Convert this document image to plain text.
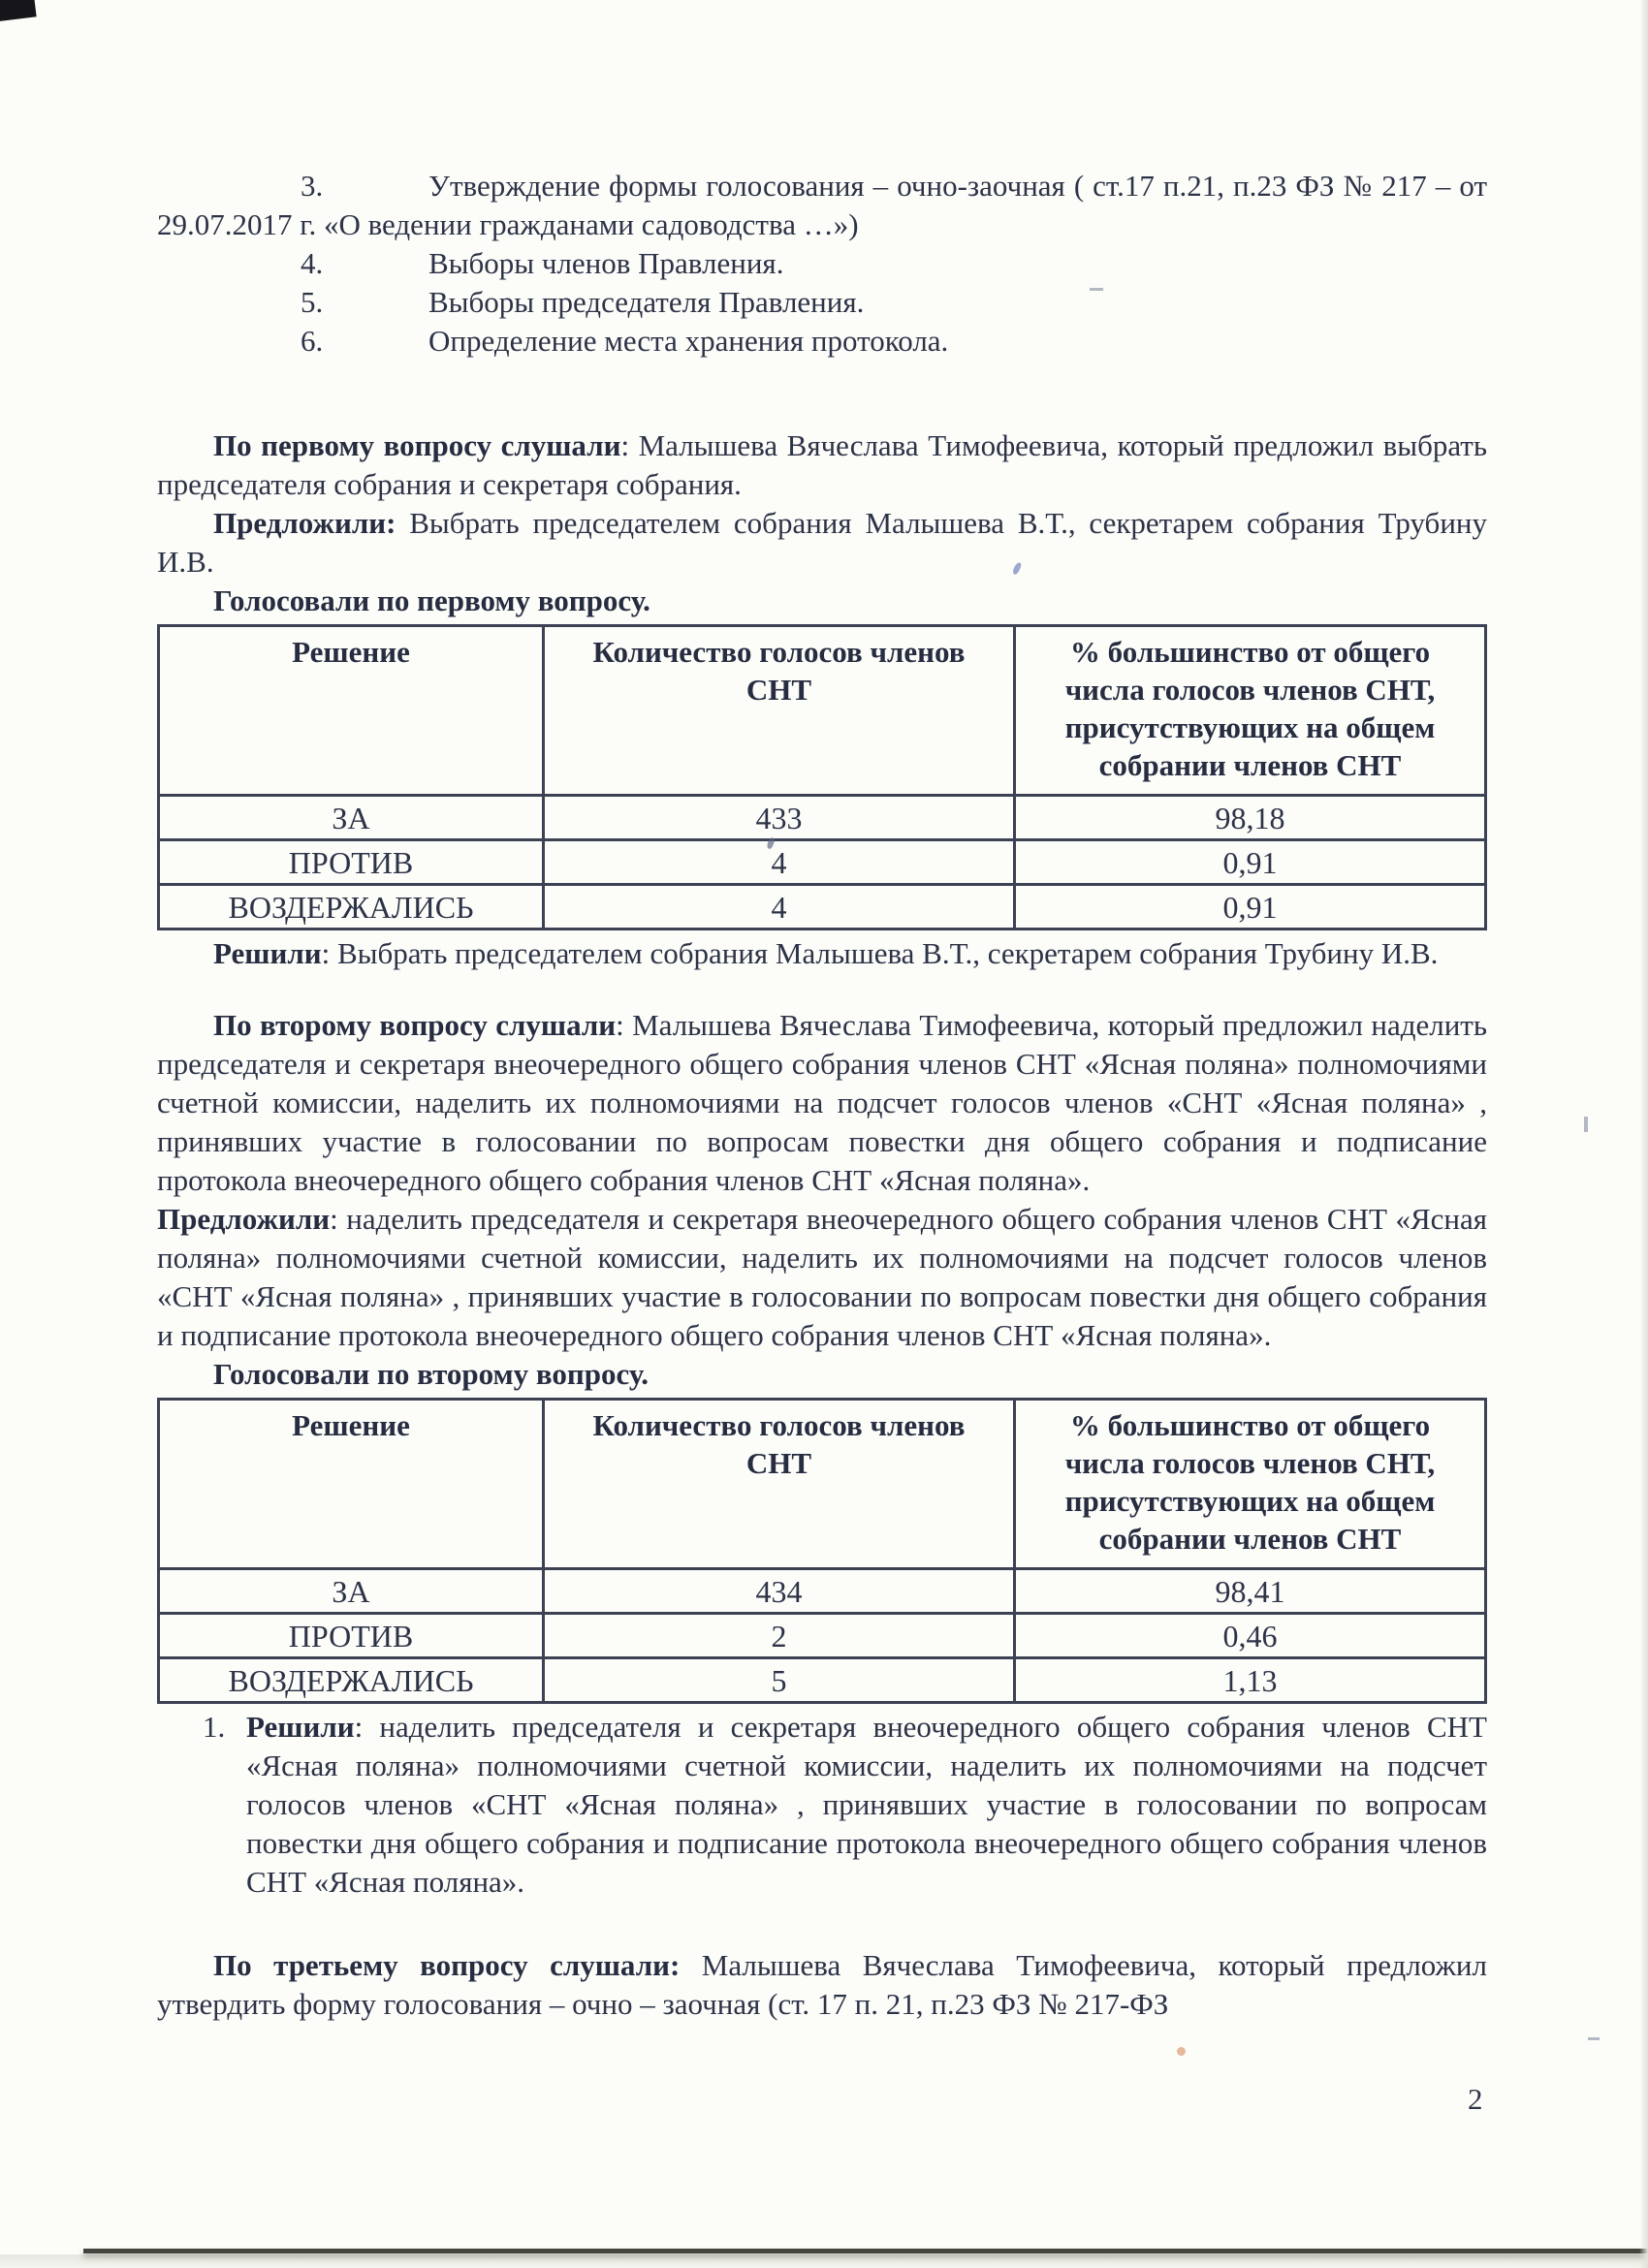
3.	Утверждение формы голосования – очно-заочная ( ст.17 п.21, п.23 ФЗ № 217 – от 29.07.2017 г. «О ведении гражданами садоводства …»)

4.	Выборы членов Правления.

5.	Выборы председателя Правления.

6.	Определение места хранения протокола.

По первому вопросу слушали: Малышева Вячеслава Тимофеевича, который предложил выбрать председателя собрания и секретаря собрания.

Предложили: Выбрать председателем собрания Малышева В.Т., секретарем собрания Трубину И.В.

Голосовали по первому вопросу.

Решение	Количество голосов членов СНТ	% большинство от общего числа голосов членов СНТ, присутствующих на общем собрании членов СНТ
ЗА	433	98,18
ПРОТИВ	4	0,91
ВОЗДЕРЖАЛИСЬ	4	0,91

Решили: Выбрать председателем собрания Малышева В.Т., секретарем собрания Трубину И.В.

По второму вопросу слушали: Малышева Вячеслава Тимофеевича, который предложил наделить председателя и секретаря внеочередного общего собрания членов СНТ «Ясная поляна» полномочиями счетной комиссии, наделить их полномочиями на подсчет голосов членов «СНТ «Ясная поляна» , принявших участие в голосовании по вопросам повестки дня общего собрания и подписание протокола внеочередного общего собрания членов СНТ «Ясная поляна».

Предложили: наделить председателя и секретаря внеочередного общего собрания членов СНТ «Ясная поляна» полномочиями счетной комиссии, наделить их полномочиями на подсчет голосов членов «СНТ «Ясная поляна» , принявших участие в голосовании по вопросам повестки дня общего собрания и подписание протокола внеочередного общего собрания членов СНТ «Ясная поляна».

Голосовали по второму вопросу.

Решение	Количество голосов членов СНТ	% большинство от общего числа голосов членов СНТ, присутствующих на общем собрании членов СНТ
ЗА	434	98,41
ПРОТИВ	2	0,46
ВОЗДЕРЖАЛИСЬ	5	1,13

1. Решили: наделить председателя и секретаря внеочередного общего собрания членов СНТ «Ясная поляна» полномочиями счетной комиссии, наделить их полномочиями на подсчет голосов членов «СНТ «Ясная поляна» , принявших участие в голосовании по вопросам повестки дня общего собрания и подписание протокола внеочередного общего собрания членов СНТ «Ясная поляна».

По третьему вопросу слушали: Малышева Вячеслава Тимофеевича, который предложил утвердить форму голосования – очно – заочная (ст. 17 п. 21, п.23 ФЗ № 217-ФЗ

2
